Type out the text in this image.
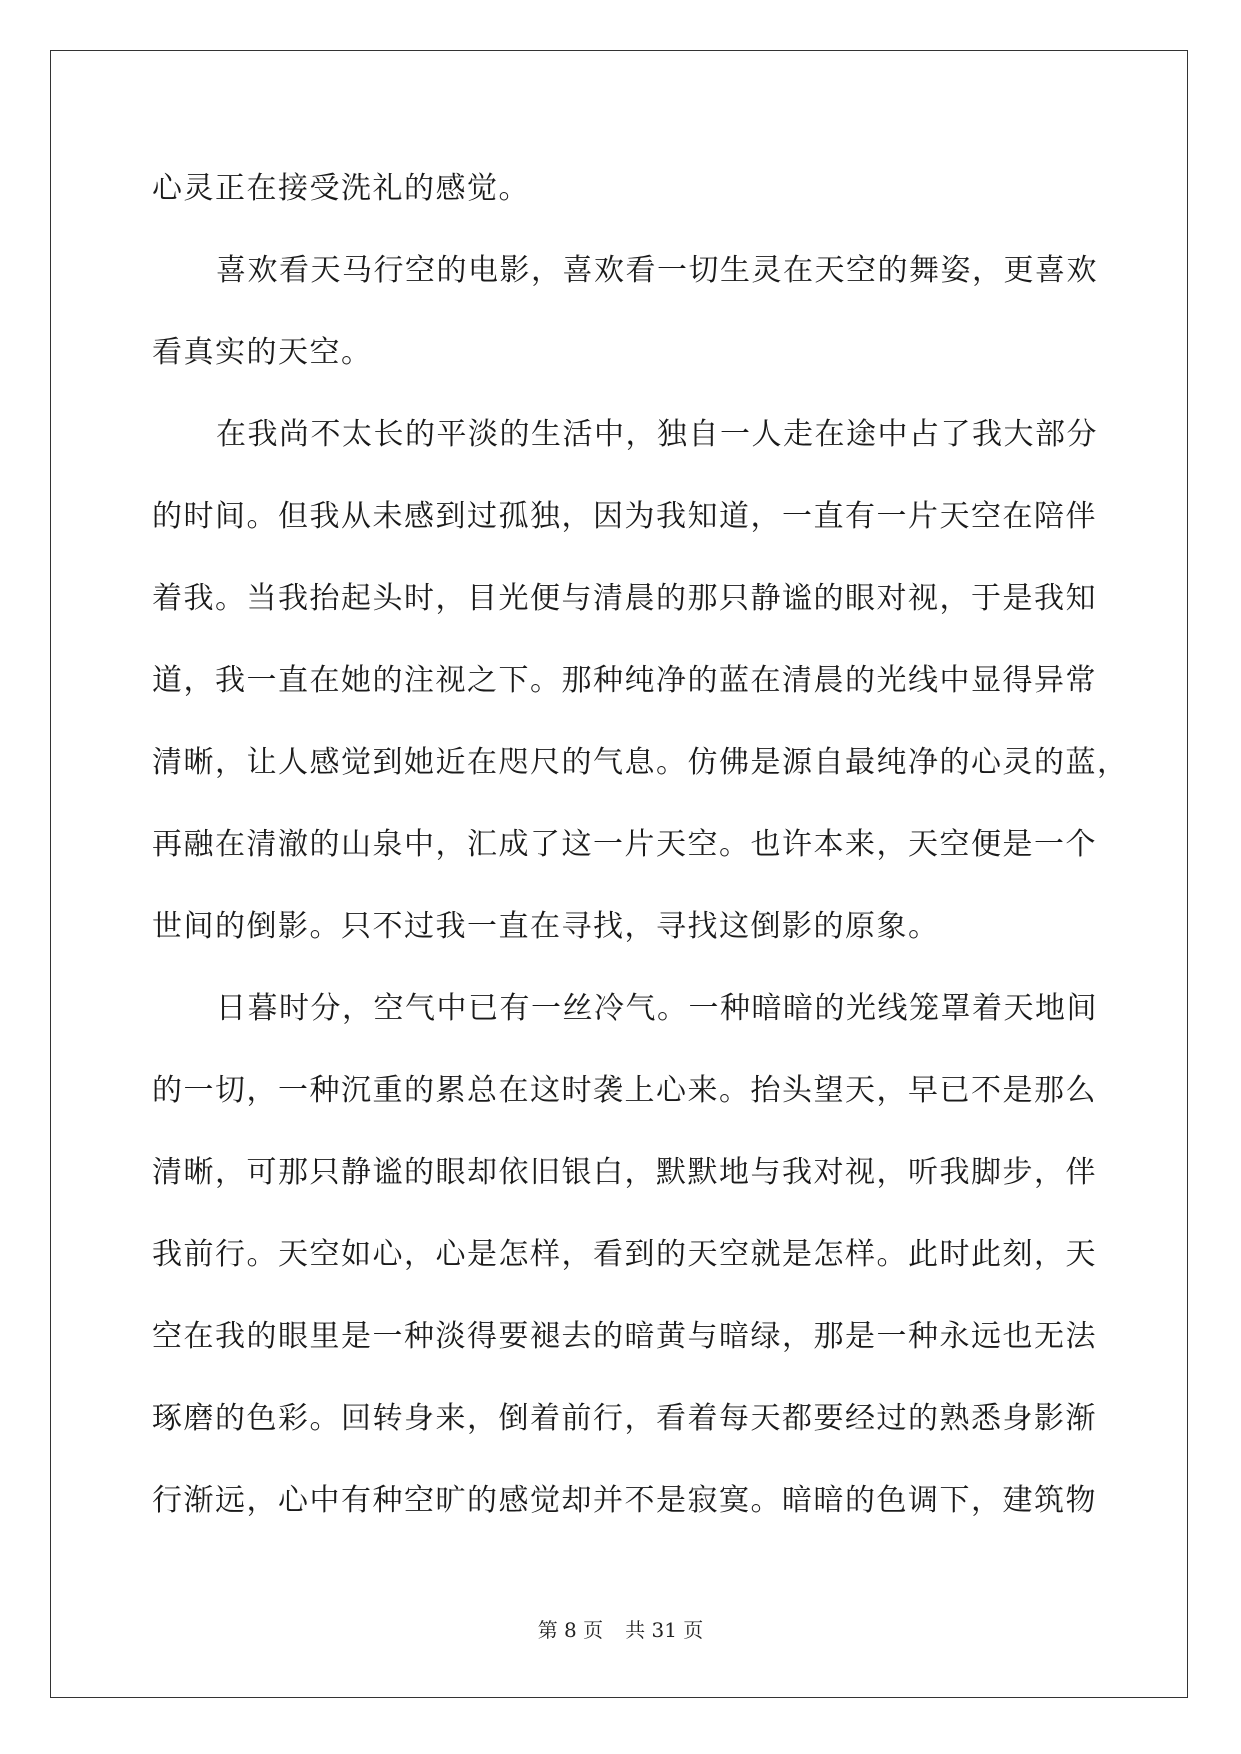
心灵正在接受洗礼的感觉。
喜欢看天马行空的电影，喜欢看一切生灵在天空的舞姿，更喜欢
看真实的天空。
在我尚不太长的平淡的生活中，独自一人走在途中占了我大部分
的时间。但我从未感到过孤独，因为我知道，一直有一片天空在陪伴
着我。当我抬起头时，目光便与清晨的那只静谧的眼对视，于是我知
道，我一直在她的注视之下。那种纯净的蓝在清晨的光线中显得异常
清晰，让人感觉到她近在咫尺的气息。仿佛是源自最纯净的心灵的蓝，
再融在清澈的山泉中，汇成了这一片天空。也许本来，天空便是一个
世间的倒影。只不过我一直在寻找，寻找这倒影的原象。
日暮时分，空气中已有一丝冷气。一种暗暗的光线笼罩着天地间
的一切，一种沉重的累总在这时袭上心来。抬头望天，早已不是那么
清晰，可那只静谧的眼却依旧银白，默默地与我对视，听我脚步，伴
我前行。天空如心，心是怎样，看到的天空就是怎样。此时此刻，天
空在我的眼里是一种淡得要褪去的暗黄与暗绿，那是一种永远也无法
琢磨的色彩。回转身来，倒着前行，看着每天都要经过的熟悉身影渐
行渐远，心中有种空旷的感觉却并不是寂寞。暗暗的色调下，建筑物
第 8 页 共 31 页
